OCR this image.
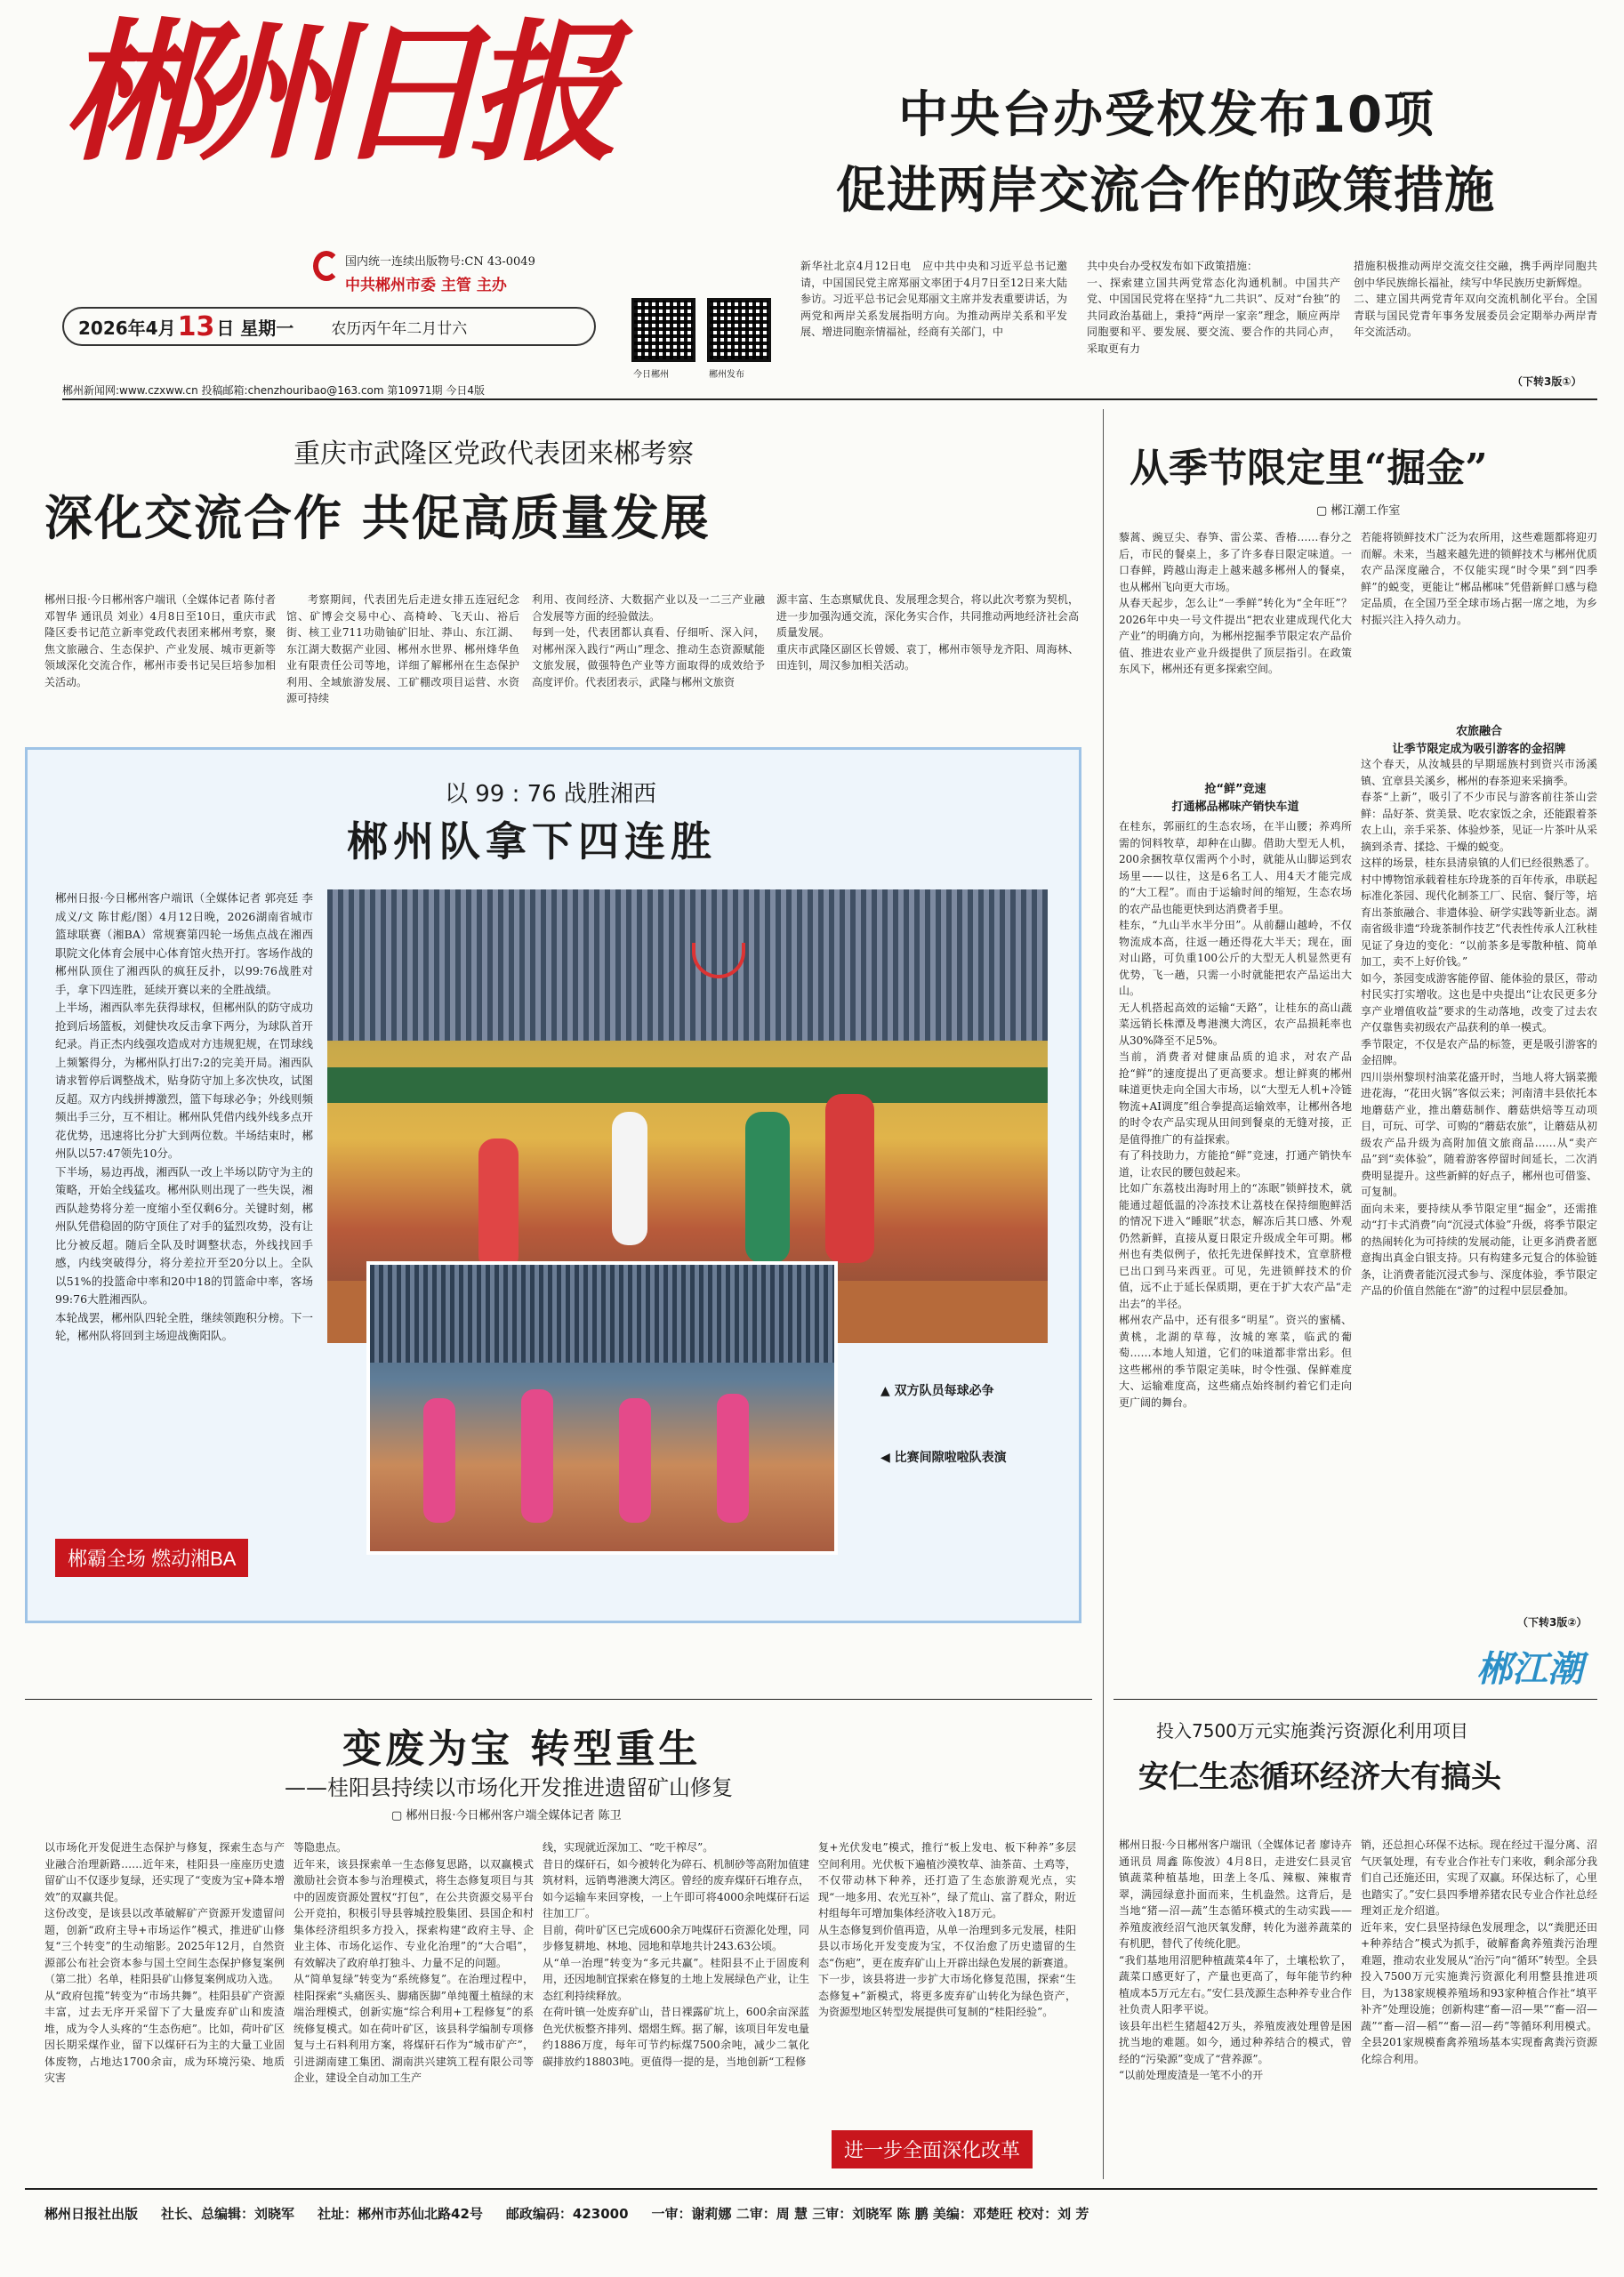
郴州日报
国内统一连续出版物号:CN 43-0049
中共郴州市委 主管 主办
2026年4月 13 日 星期一 农历丙午年二月廿六
今日郴州	郴州发布
郴州新闻网:www.czxww.cn 投稿邮箱:chenzhouribao@163.com 第10971期 今日4版
中央台办受权发布10项
促进两岸交流合作的政策措施
新华社北京4月12日电　应中共中央和习近平总书记邀请，中国国民党主席郑丽文率团于4月7日至12日来大陆参访。习近平总书记会见郑丽文主席并发表重要讲话，为两党和两岸关系发展指明方向。为推动两岸关系和平发展、增进同胞亲情福祉，经商有关部门，中
共中央台办受权发布如下政策措施：
一、探索建立国共两党常态化沟通机制。中国共产党、中国国民党将在坚持“九二共识”、反对“台独”的共同政治基础上，秉持“两岸一家亲”理念，顺应两岸同胞要和平、要发展、要交流、要合作的共同心声，采取更有力
措施积极推动两岸交流交往交融，携手两岸同胞共创中华民族绵长福祉，续写中华民族历史新辉煌。
二、建立国共两党青年双向交流机制化平台。全国青联与国民党青年事务发展委员会定期举办两岸青年交流活动。
（下转3版①）
重庆市武隆区党政代表团来郴考察
深化交流合作 共促高质量发展
郴州日报·今日郴州客户端讯（全媒体记者 陈付者 邓智华 通讯员 刘业）4月8日至10日，重庆市武隆区委书记范立新率党政代表团来郴州考察，聚焦文旅融合、生态保护、产业发展、城市更新等领域深化交流合作，郴州市委书记吴巨培参加相关活动。
考察期间，代表团先后走进女排五连冠纪念馆、矿博会交易中心、高椅岭、飞天山、裕后街、核工业711功勋铀矿旧址、莽山、东江湖、东江湖大数据产业园、郴州水世界、郴州烽华鱼业有限责任公司等地，详细了解郴州在生态保护利用、全域旅游发展、工矿棚改项目运营、水资源可持续
利用、夜间经济、大数据产业以及一二三产业融合发展等方面的经验做法。
每到一处，代表团都认真看、仔细听、深入问，对郴州深入践行“两山”理念、推动生态资源赋能文旅发展，做强特色产业等方面取得的成效给予高度评价。代表团表示，武隆与郴州文旅资
源丰富、生态禀赋优良、发展理念契合，将以此次考察为契机，进一步加强沟通交流，深化务实合作，共同推动两地经济社会高质量发展。
重庆市武隆区副区长曾媛、袁丁，郴州市领导龙齐阳、周海林、田连钊，周汉参加相关活动。
以 99 : 76 战胜湘西
郴州队拿下四连胜
郴州日报·今日郴州客户端讯（全媒体记者 郭亮廷 李成义/文 陈甘彪/图）4月12日晚，2026湖南省城市篮球联赛（湘BA）常规赛第四轮一场焦点战在湘西职院文化体育会展中心体育馆火热开打。客场作战的郴州队顶住了湘西队的疯狂反扑，以99:76战胜对手，拿下四连胜，延续开赛以来的全胜战绩。
上半场，湘西队率先获得球权，但郴州队的防守成功抢到后场篮板，刘健快攻反击拿下两分，为球队首开纪录。肖正杰内线强攻造成对方违规犯规，在罚球线上频繁得分，为郴州队打出7:2的完美开局。湘西队请求暂停后调整战术，贴身防守加上多次快攻，试图反超。双方内线拼搏激烈，篮下每球必争；外线则频频出手三分，互不相让。郴州队凭借内线外线多点开花优势，迅速将比分扩大到两位数。半场结束时，郴州队以57:47领先10分。
下半场，易边再战，湘西队一改上半场以防守为主的策略，开始全线猛攻。郴州队则出现了一些失误，湘西队趁势将分差一度缩小至仅剩6分。关键时刻，郴州队凭借稳固的防守顶住了对手的猛烈攻势，没有让比分被反超。随后全队及时调整状态，外线找回手感，内线突破得分，将分差拉开至20分以上。全队以51%的投篮命中率和20中18的罚篮命中率，客场99:76大胜湘西队。
本轮战罢，郴州队四轮全胜，继续领跑积分榜。下一轮，郴州队将回到主场迎战衡阳队。
▲ 双方队员每球必争
◀ 比赛间隙啦啦队表演
郴霸全场 燃动湘BA
从季节限定里“掘金”
▢ 郴江潮工作室
藜蒿、豌豆尖、春笋、雷公菜、香椿……春分之后，市民的餐桌上，多了许多春日限定味道。一口春鲜，跨越山海走上越来越多郴州人的餐桌，也从郴州飞向更大市场。
从春天起步，怎么让“一季鲜”转化为“全年旺”？2026年中央一号文件提出“把农业建成现代化大产业”的明确方向，为郴州挖掘季节限定农产品价值、推进农业产业升级提供了顶层指引。在政策东风下，郴州还有更多探索空间。
抢“鲜”竞速
打通郴品郴味产销快车道
在桂东，郭丽红的生态农场，在半山腰；养鸡所需的饲料牧草，却种在山脚。借助大型无人机，200余捆牧草仅需两个小时，就能从山脚运到农场里——以往，这是6名工人、用4天才能完成的“大工程”。而由于运输时间的缩短，生态农场的农产品也能更快到达消费者手里。
桂东，“九山半水半分田”。从前翻山越岭，不仅物流成本高，往返一趟还得花大半天；现在，面对山路，可负重100公斤的大型无人机显然更有优势，飞一趟，只需一小时就能把农产品运出大山。
无人机搭起高效的运输“天路”，让桂东的高山蔬菜远销长株潭及粤港澳大湾区，农产品损耗率也从30%降至不足5%。
当前，消费者对健康品质的追求，对农产品抢“鲜”的速度提出了更高要求。想让鲜爽的郴州味道更快走向全国大市场，以“大型无人机+冷链物流+AI调度”组合拳提高运输效率，让郴州各地的时令农产品实现从田间到餐桌的无缝对接，正是值得推广的有益探索。
有了科技助力，方能抢“鲜”竞速，打通产销快车道，让农民的腰包鼓起来。
比如广东荔枝出海时用上的“冻眠”锁鲜技术，就能通过超低温的冷冻技术让荔枝在保持细胞鲜活的情况下进入“睡眠”状态，解冻后其口感、外观仍然新鲜，直接从夏日限定升级成全年可期。郴州也有类似例子，依托先进保鲜技术，宜章脐橙已出口到马来西亚。可见，先进锁鲜技术的价值，远不止于延长保质期，更在于扩大农产品“走出去”的半径。
郴州农产品中，还有很多“明星”。资兴的蜜橘、黄桃，北湖的草莓，汝城的寒菜，临武的葡萄……本地人知道，它们的味道都非常出彩。但这些郴州的季节限定美味，时令性强、保鲜难度大、运输难度高，这些痛点始终制约着它们走向更广阔的舞台。
若能将锁鲜技术广泛为农所用，这些难题都将迎刃而解。未来，当越来越先进的锁鲜技术与郴州优质农产品深度融合，不仅能实现“时令果”到“四季鲜”的蜕变，更能让“郴品郴味”凭借新鲜口感与稳定品质，在全国乃至全球市场占据一席之地，为乡村振兴注入持久动力。
农旅融合
让季节限定成为吸引游客的金招牌
这个春天，从汝城县的早期瑶族村到资兴市汤溪镇、宜章县关溪乡，郴州的春茶迎来采摘季。
春茶“上新”，吸引了不少市民与游客前往茶山尝鲜：品好茶、赏美景、吃农家饭之余，还能跟着茶农上山，亲手采茶、体验炒茶，见证一片茶叶从采摘到杀青、揉捻、干燥的蜕变。
这样的场景，桂东县清泉镇的人们已经很熟悉了。
村中博物馆承载着桂东玲珑茶的百年传承，串联起标准化茶园、现代化制茶工厂、民宿、餐厅等，培育出茶旅融合、非遗体验、研学实践等新业态。湖南省级非遗“玲珑茶制作技艺”代表性传承人江秋桂见证了身边的变化：“以前茶多是零散种植、简单加工，卖不上好价钱。”
如今，茶园变成游客能停留、能体验的景区，带动村民实打实增收。这也是中央提出“让农民更多分享产业增值收益”要求的生动落地，改变了过去农产仅靠售卖初级农产品获利的单一模式。
季节限定，不仅是农产品的标签，更是吸引游客的金招牌。
四川崇州黎坝村油菜花盛开时，当地人将大锅菜搬进花海，“花田火锅”客似云来；河南清丰县依托本地蘑菇产业，推出蘑菇制作、蘑菇烘焙等互动项目，可玩、可学、可购的“蘑菇农旅”，让蘑菇从初级农产品升级为高附加值文旅商品……从“卖产品”到“卖体验”，随着游客停留时间延长，二次消费明显提升。这些新鲜的好点子，郴州也可借鉴、可复制。
面向未来，要持续从季节限定里“掘金”，还需推动“打卡式消费”向“沉浸式体验”升级，将季节限定的热闹转化为可持续的发展动能，让更多消费者愿意掏出真金白银支持。只有构建多元复合的体验链条，让消费者能沉浸式参与、深度体验，季节限定产品的价值自然能在“游”的过程中层层叠加。
（下转3版②）
郴江潮
变废为宝 转型重生
——桂阳县持续以市场化开发推进遗留矿山修复
▢ 郴州日报·今日郴州客户端全媒体记者 陈卫
以市场化开发促进生态保护与修复，探索生态与产业融合治理新路……近年来，桂阳县一座座历史遗留矿山不仅逐步复绿，还实现了“变废为宝+降本增效”的双赢共促。
这份改变，是该县以改革破解矿产资源开发遗留问题，创新“政府主导+市场运作”模式，推进矿山修复“三个转变”的生动缩影。2025年12月，自然资源部公布社会资本参与国土空间生态保护修复案例（第二批）名单，桂阳县矿山修复案例成功入选。
从“政府包揽”转变为“市场共舞”。桂阳县矿产资源丰富，过去无序开采留下了大量废弃矿山和废渣堆，成为令人头疼的“生态伤疤”。比如，荷叶矿区因长期采煤作业，留下以煤矸石为主的大量工业固体废物，占地达1700余亩，成为环境污染、地质灾害
等隐患点。
近年来，该县探索单一生态修复思路，以双赢模式激励社会资本参与治理模式，将生态修复项目与其中的固废资源处置权“打包”，在公共资源交易平台公开竞拍，积极引导县蓉城控股集团、县国企和村集体经济组织多方投入，探索构建“政府主导、企业主体、市场化运作、专业化治理”的“大合唱”，有效解决了政府单打独斗、力量不足的问题。
从“简单复绿”转变为“系统修复”。在治理过程中，桂阳探索“头痛医头、脚痛医脚”单纯覆土植绿的末端治理模式，创新实施“综合利用+工程修复”的系统修复模式。如在荷叶矿区，该县科学编制专项修复与土石料利用方案，将煤矸石作为“城市矿产”，引进湖南建工集团、湖南洪兴建筑工程有限公司等企业，建设全自动加工生产
线，实现就近深加工、“吃干榨尽”。
昔日的煤矸石，如今被转化为碎石、机制砂等高附加值建筑材料，远销粤港澳大湾区。曾经的废弃煤矸石堆存点，如今运输车来回穿梭，一上午即可将4000余吨煤矸石运往加工厂。
目前，荷叶矿区已完成600余万吨煤矸石资源化处理，同步修复耕地、林地、园地和草地共计243.63公顷。
从“单一治理”转变为“多元共赢”。桂阳县不止于固废利用，还因地制宜探索在修复的土地上发展绿色产业，让生态红利持续释放。
在荷叶镇一处废弃矿山，昔日裸露矿坑上，600余亩深蓝色光伏板整齐排列、熠熠生辉。据了解，该项目年发电量约1886万度，每年可节约标煤7500余吨，减少二氧化碳排放约18803吨。更值得一提的是，当地创新“工程修
复+光伏发电”模式，推行“板上发电、板下种养”多层空间利用。光伏板下遍植沙漠牧草、油茶苗、土鸡等，不仅带动林下种养，还打造了生态旅游观光点，实现“一地多用、农光互补”，绿了荒山、富了群众，附近村组每年可增加集体经济收入18万元。
从生态修复到价值再造，从单一治理到多元发展，桂阳县以市场化开发变废为宝，不仅治愈了历史遗留的生态“伤疤”，更在废弃矿山上开辟出绿色发展的新赛道。
下一步，该县将进一步扩大市场化修复范围，探索“生态修复+”新模式，将更多废弃矿山转化为绿色资产，为资源型地区转型发展提供可复制的“桂阳经验”。
进一步全面深化改革
投入7500万元实施粪污资源化利用项目
安仁生态循环经济大有搞头
郴州日报·今日郴州客户端讯（全媒体记者 廖诗卉 通讯员 周鑫 陈俊波）4月8日，走进安仁县灵官镇蔬菜种植基地，田垄上冬瓜、辣椒、辣椒青翠，满园绿意扑面而来，生机盎然。这背后，是当地“猪—沼—蔬”生态循环模式的生动实践——养殖废液经沼气池厌氧发酵，转化为滋养蔬菜的有机肥，替代了传统化肥。
“我们基地用沼肥种植蔬菜4年了，土壤松软了，蔬菜口感更好了，产量也更高了，每年能节约种植成本5万元左右。”安仁县茂源生态种养专业合作社负责人阳孝平说。
该县年出栏生猪超42万头，养殖废液处理曾是困扰当地的难题。如今，通过种养结合的模式，曾经的“污染源”变成了“营养源”。
“以前处理废渣是一笔不小的开
销，还总担心环保不达标。现在经过干湿分离、沼气厌氧处理，有专业合作社专门来收，剩余部分我们自己还施还田，实现了双赢。环保达标了，心里也踏实了。”安仁县四季增养猪农民专业合作社总经理刘正龙介绍道。
近年来，安仁县坚持绿色发展理念，以“粪肥还田+种养结合”模式为抓手，破解畜禽养殖粪污治理难题，推动农业发展从“治污”向“循环”转型。全县投入7500万元实施粪污资源化利用整县推进项目，为138家规模养殖场和93家种植合作社“填平补齐”处理设施；创新构建“畜—沼—果”“畜—沼—蔬”“畜—沼—稻”“畜—沼—药”等循环利用模式。全县201家规模畜禽养殖场基本实现畜禽粪污资源化综合利用。
郴州日报社出版 社长、总编辑：刘晓军 社址：郴州市苏仙北路42号 邮政编码：423000 一审：谢莉娜 二审：周 慧 三审：刘晓军 陈 鹏 美编：邓楚旺 校对：刘 芳
